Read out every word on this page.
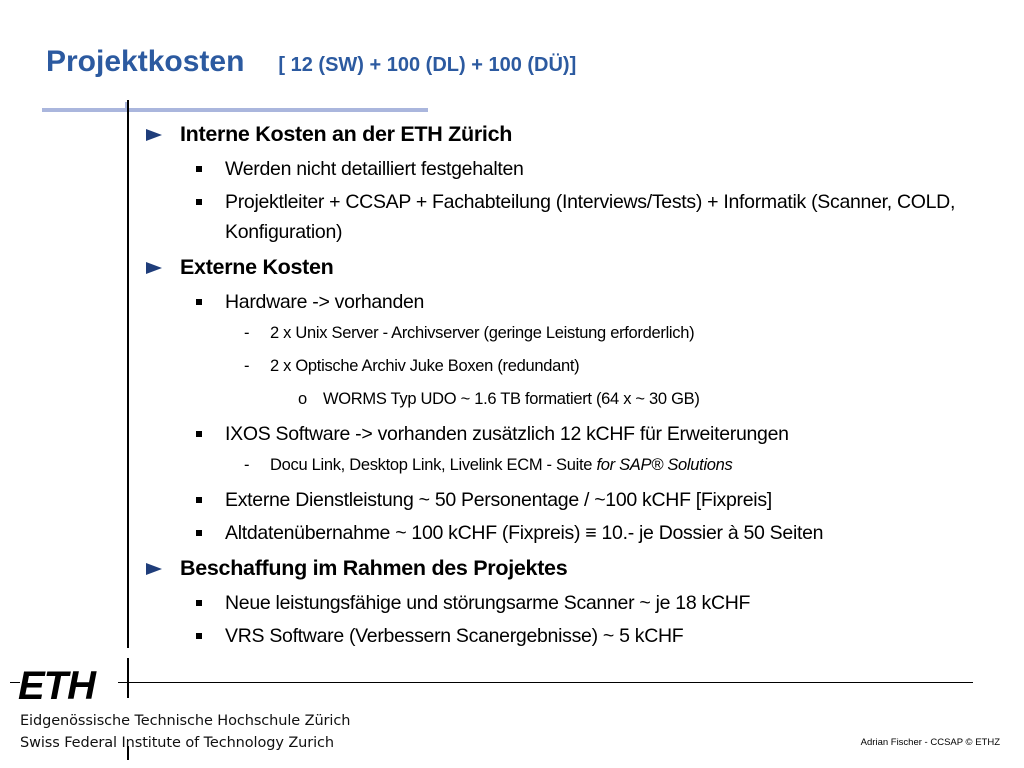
Projektkosten [ 12 (SW) + 100 (DL) + 100 (DÜ)]
Interne Kosten an der ETH Zürich
Werden nicht detailliert festgehalten
Projektleiter + CCSAP + Fachabteilung (Interviews/Tests) + Informatik (Scanner, COLD, Konfiguration)
Externe Kosten
Hardware -> vorhanden
- 2 x Unix Server - Archivserver (geringe Leistung erforderlich)
- 2 x Optische Archiv Juke Boxen (redundant)
o WORMS Typ UDO ~ 1.6 TB formatiert (64 x ~ 30 GB)
IXOS Software -> vorhanden zusätzlich 12 kCHF für Erweiterungen
- Docu Link, Desktop Link, Livelink ECM - Suite for SAP® Solutions
Externe Dienstleistung ~ 50 Personentage / ~100 kCHF [Fixpreis]
Altdatenübernahme ~ 100 kCHF (Fixpreis) ≡ 10.- je Dossier à 50 Seiten
Beschaffung im Rahmen des Projektes
Neue leistungsfähige und störungsarme Scanner ~ je 18 kCHF
VRS Software (Verbessern Scanergebnisse) ~ 5 kCHF
ETH
Eidgenössische Technische Hochschule Zürich
Swiss Federal Institute of Technology Zurich	Adrian Fischer - CCSAP © ETHZ
